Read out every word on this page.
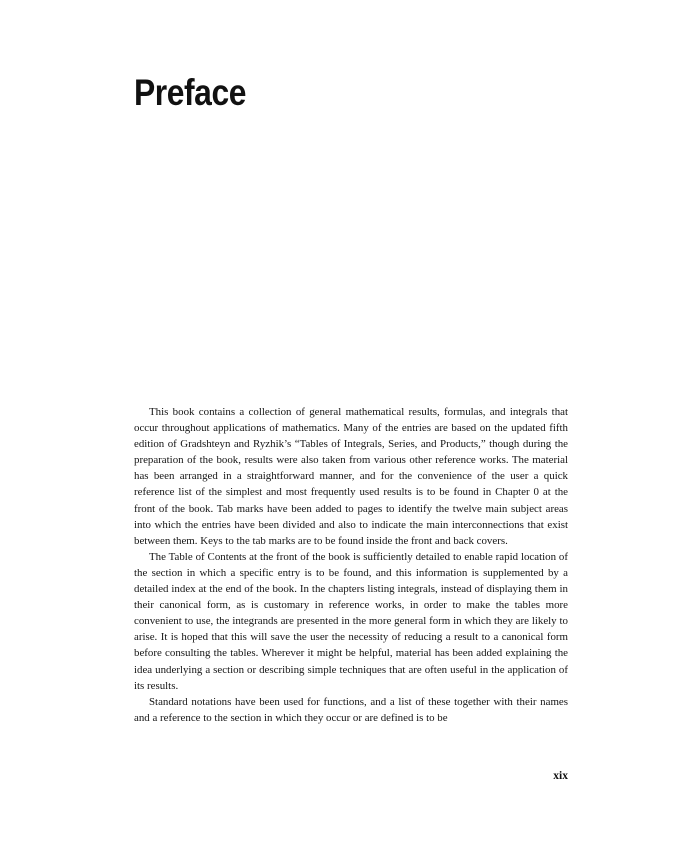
Preface

This book contains a collection of general mathematical results, formulas, and integrals that occur throughout applications of mathematics. Many of the entries are based on the updated fifth edition of Gradshteyn and Ryzhik’s “Tables of Integrals, Series, and Products,” though during the preparation of the book, results were also taken from various other reference works. The material has been arranged in a straightforward manner, and for the convenience of the user a quick reference list of the simplest and most frequently used results is to be found in Chapter 0 at the front of the book. Tab marks have been added to pages to identify the twelve main subject areas into which the entries have been divided and also to indicate the main interconnections that exist between them. Keys to the tab marks are to be found inside the front and back covers.

The Table of Contents at the front of the book is sufficiently detailed to enable rapid location of the section in which a specific entry is to be found, and this information is supplemented by a detailed index at the end of the book. In the chapters listing integrals, instead of displaying them in their canonical form, as is customary in reference works, in order to make the tables more convenient to use, the integrands are presented in the more general form in which they are likely to arise. It is hoped that this will save the user the necessity of reducing a result to a canonical form before consulting the tables. Wherever it might be helpful, material has been added explaining the idea underlying a section or describing simple techniques that are often useful in the application of its results.

Standard notations have been used for functions, and a list of these together with their names and a reference to the section in which they occur or are defined is to be

xix
